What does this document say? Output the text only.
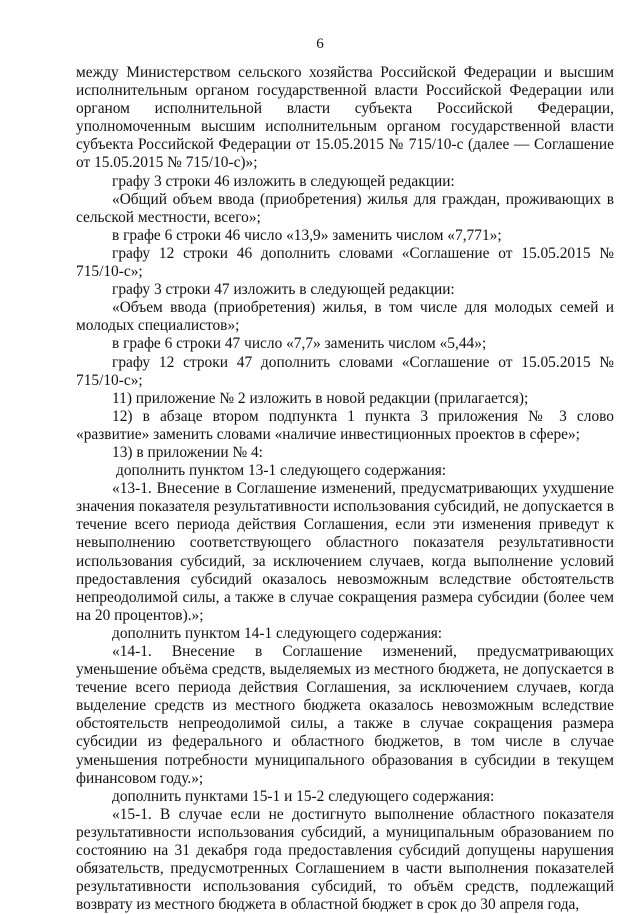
6

между Министерством сельского хозяйства Российской Федерации и высшим исполнительным органом государственной власти Российской Федерации или органом исполнительной власти субъекта Российской Федерации, уполномоченным высшим исполнительным органом государственной власти субъекта Российской Федерации от 15.05.2015 № 715/10-с (далее — Соглашение от 15.05.2015 № 715/10-с)»;

графу 3 строки 46 изложить в следующей редакции:

«Общий объем ввода (приобретения) жилья для граждан, проживающих в сельской местности, всего»;

в графе 6 строки 46 число «13,9» заменить числом «7,771»;

графу 12 строки 46 дополнить словами «Соглашение от 15.05.2015 № 715/10-с»;

графу 3 строки 47 изложить в следующей редакции:

«Объем ввода (приобретения) жилья, в том числе для молодых семей и молодых специалистов»;

в графе 6 строки 47 число «7,7» заменить числом «5,44»;

графу 12 строки 47 дополнить словами «Соглашение от 15.05.2015 № 715/10-с»;

11) приложение № 2 изложить в новой редакции (прилагается);

12) в абзаце втором подпункта 1 пункта 3 приложения № 3 слово «развитие» заменить словами «наличие инвестиционных проектов в сфере»;

13) в приложении № 4:

дополнить пунктом 13-1 следующего содержания:

«13-1. Внесение в Соглашение изменений, предусматривающих ухудшение значения показателя результативности использования субсидий, не допускается в течение всего периода действия Соглашения, если эти изменения приведут к невыполнению соответствующего областного показателя результативности использования субсидий, за исключением случаев, когда выполнение условий предоставления субсидий оказалось невозможным вследствие обстоятельств непреодолимой силы, а также в случае сокращения размера субсидии (более чем на 20 процентов).»;

дополнить пунктом 14-1 следующего содержания:

«14-1. Внесение в Соглашение изменений, предусматривающих уменьшение объёма средств, выделяемых из местного бюджета, не допускается в течение всего периода действия Соглашения, за исключением случаев, когда выделение средств из местного бюджета оказалось невозможным вследствие обстоятельств непреодолимой силы, а также в случае сокращения размера субсидии из федерального и областного бюджетов, в том числе в случае уменьшения потребности муниципального образования в субсидии в текущем финансовом году.»;

дополнить пунктами 15-1 и 15-2 следующего содержания:

«15-1. В случае если не достигнуто выполнение областного показателя результативности использования субсидий, а муниципальным образованием по состоянию на 31 декабря года предоставления субсидий допущены нарушения обязательств, предусмотренных Соглашением в части выполнения показателей результативности использования субсидий, то объём средств, подлежащий возврату из местного бюджета в областной бюджет в срок до 30 апреля года,
